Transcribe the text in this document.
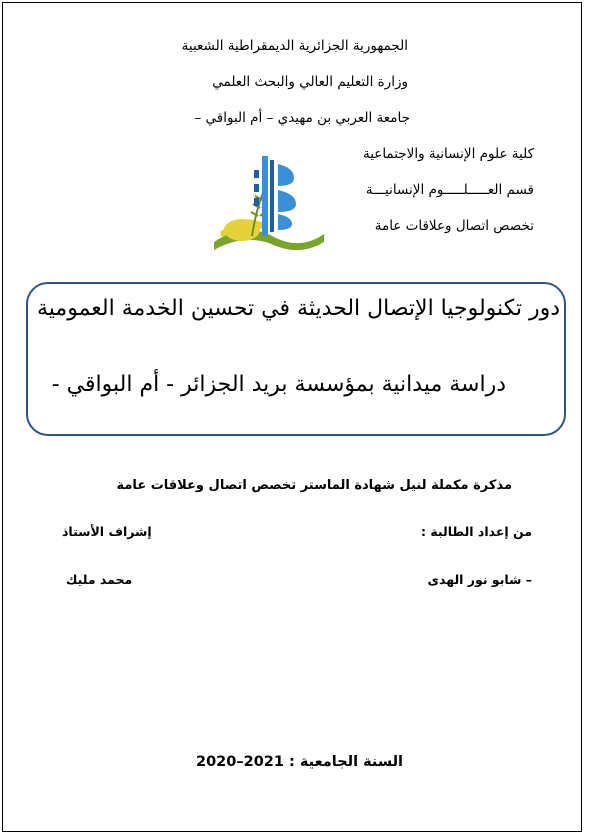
الجمهورية الجزائرية الديمقراطية الشعبية
وزارة التعليم العالي والبحث العلمي
جامعة العربي بن مهيدي – أم البواقي –
كلية علوم الإنسانية والاجتماعية
قسم العـــــلـــــوم الإنسانيـــة
تخصص اتصال وعلاقات عامة
دور تكنولوجيا الإتصال الحديثة في تحسين الخدمة العمومية
دراسة ميدانية بمؤسسة بريد الجزائر - أم البواقي -
مذكرة مكملة لنيل شهادة الماستر تخصص اتصال وعلاقات عامة
من إعداد الطالبة :
إشراف الأستاذ
– شابو نور الهدى
محمد مليك
2020–2021 السنة الجامعية :
